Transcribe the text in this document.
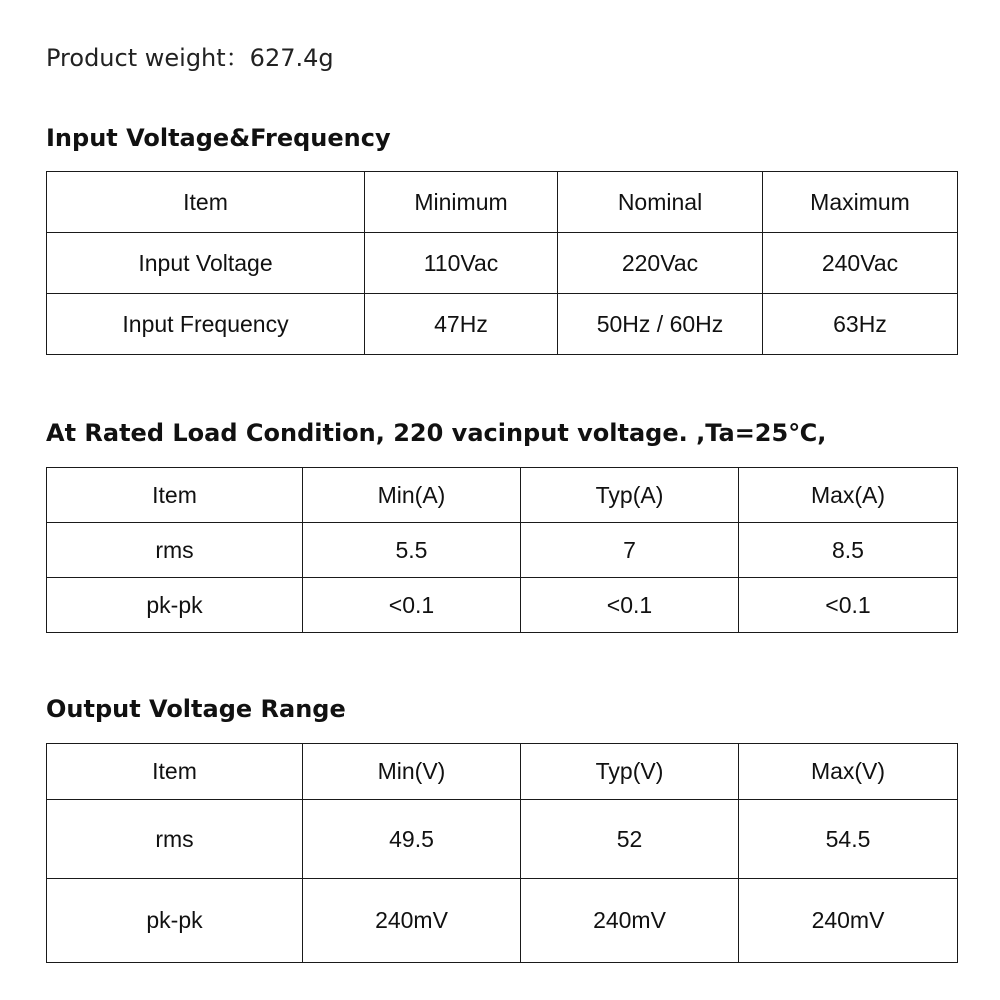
Product weight：627.4g
Input Voltage&Frequency
Item	Minimum	Nominal	Maximum
Input Voltage	110Vac	220Vac	240Vac
Input Frequency	47Hz	50Hz / 60Hz	63Hz
At Rated Load Condition, 220 vacinput voltage. ,Ta=25℃,
Item	Min(A)	Typ(A)	Max(A)
rms	5.5	7	8.5
pk-pk	<0.1	<0.1	<0.1
Output Voltage Range
Item	Min(V)	Typ(V)	Max(V)
rms	49.5	52	54.5
pk-pk	240mV	240mV	240mV
